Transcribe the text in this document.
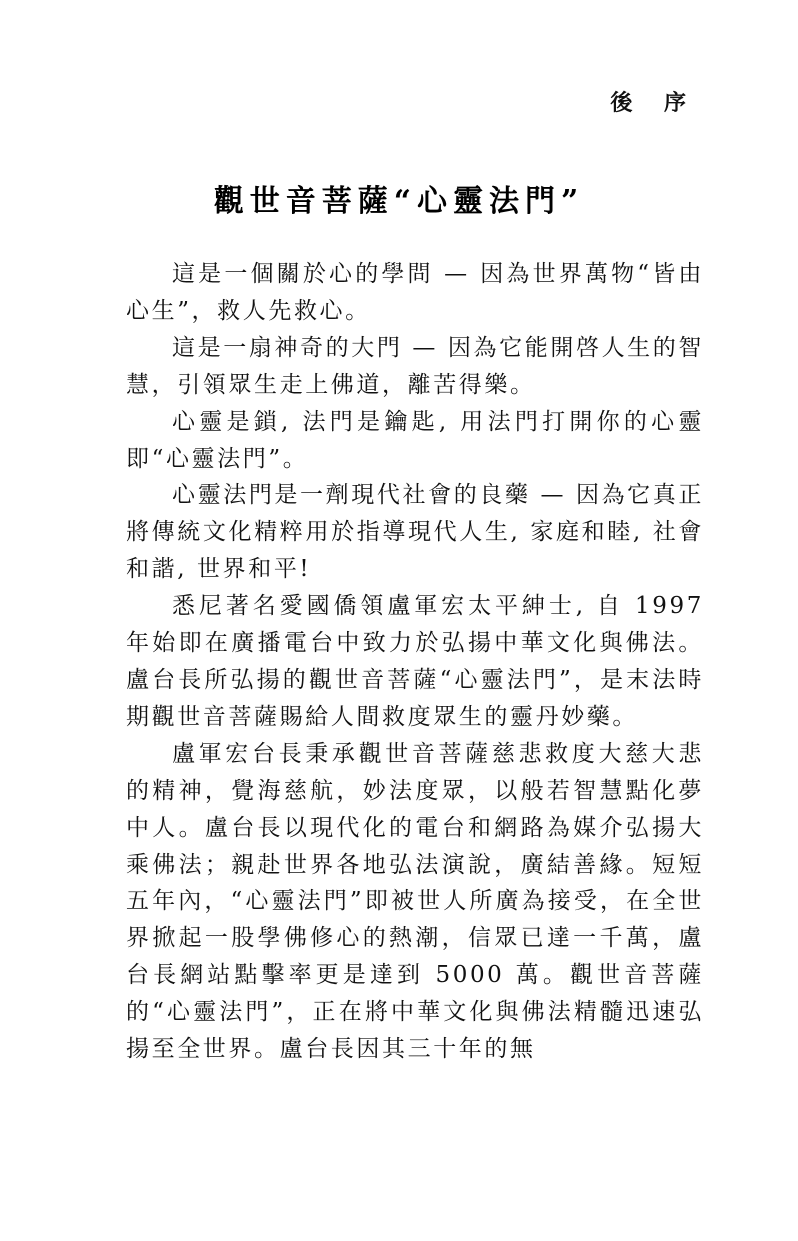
後 序
觀世音菩薩“心靈法門”

這是一個關於心的學問 — 因為世界萬物“皆由心生”，救人先救心。

這是一扇神奇的大門 — 因為它能開啓人生的智慧，引領眾生走上佛道，離苦得樂。

心靈是鎖, 法門是鑰匙, 用法門打開你的心靈即“心靈法門”。

心靈法門是一劑現代社會的良藥 — 因為它真正將傳統文化精粹用於指導現代人生, 家庭和睦, 社會和諧, 世界和平!

悉尼著名愛國僑領盧軍宏太平紳士, 自 1997 年始即在廣播電台中致力於弘揚中華文化與佛法。盧台長所弘揚的觀世音菩薩“心靈法門”，是末法時期觀世音菩薩賜給人間救度眾生的靈丹妙藥。

盧軍宏台長秉承觀世音菩薩慈悲救度大慈大悲的精神，覺海慈航，妙法度眾，以般若智慧點化夢中人。盧台長以現代化的電台和網路為媒介弘揚大乘佛法；親赴世界各地弘法演說，廣結善緣。短短五年內，“心靈法門”即被世人所廣為接受，在全世界掀起一股學佛修心的熱潮，信眾已達一千萬，盧台長網站點擊率更是達到 5000 萬。觀世音菩薩的“心靈法門”，正在將中華文化與佛法精髓迅速弘揚至全世界。盧台長因其三十年的無
